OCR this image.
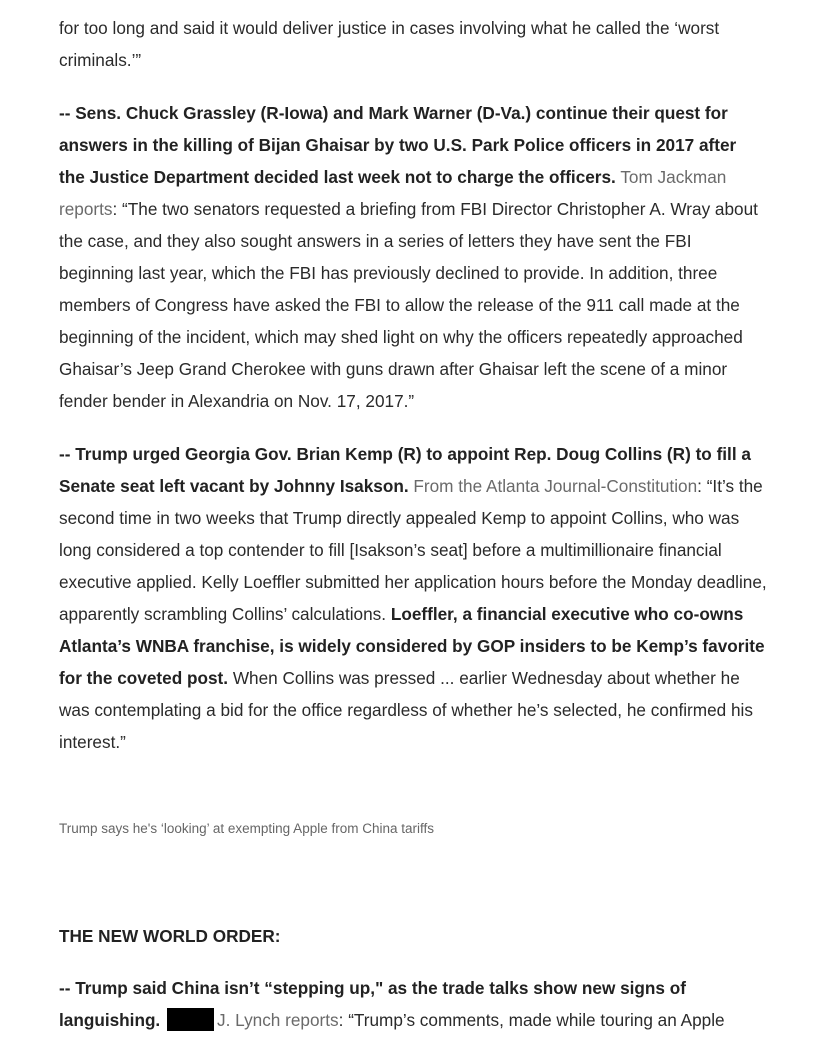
for too long and said it would deliver justice in cases involving what he called the ‘worst criminals.’”

-- Sens. Chuck Grassley (R-Iowa) and Mark Warner (D-Va.) continue their quest for answers in the killing of Bijan Ghaisar by two U.S. Park Police officers in 2017 after the Justice Department decided last week not to charge the officers. Tom Jackman reports: “The two senators requested a briefing from FBI Director Christopher A. Wray about the case, and they also sought answers in a series of letters they have sent the FBI beginning last year, which the FBI has previously declined to provide. In addition, three members of Congress have asked the FBI to allow the release of the 911 call made at the beginning of the incident, which may shed light on why the officers repeatedly approached Ghaisar’s Jeep Grand Cherokee with guns drawn after Ghaisar left the scene of a minor fender bender in Alexandria on Nov. 17, 2017.”

-- Trump urged Georgia Gov. Brian Kemp (R) to appoint Rep. Doug Collins (R) to fill a Senate seat left vacant by Johnny Isakson. From the Atlanta Journal-Constitution: “It’s the second time in two weeks that Trump directly appealed Kemp to appoint Collins, who was long considered a top contender to fill [Isakson’s seat] before a multimillionaire financial executive applied. Kelly Loeffler submitted her application hours before the Monday deadline, apparently scrambling Collins’ calculations. Loeffler, a financial executive who co-owns Atlanta’s WNBA franchise, is widely considered by GOP insiders to be Kemp’s favorite for the coveted post. When Collins was pressed ... earlier Wednesday about whether he was contemplating a bid for the office regardless of whether he’s selected, he confirmed his interest.”

Trump says he's ‘looking’ at exempting Apple from China tariffs

THE NEW WORLD ORDER:

-- Trump said China isn’t “stepping up," as the trade talks show new signs of languishing.	J. Lynch reports: “Trump’s comments, made while touring an Apple
